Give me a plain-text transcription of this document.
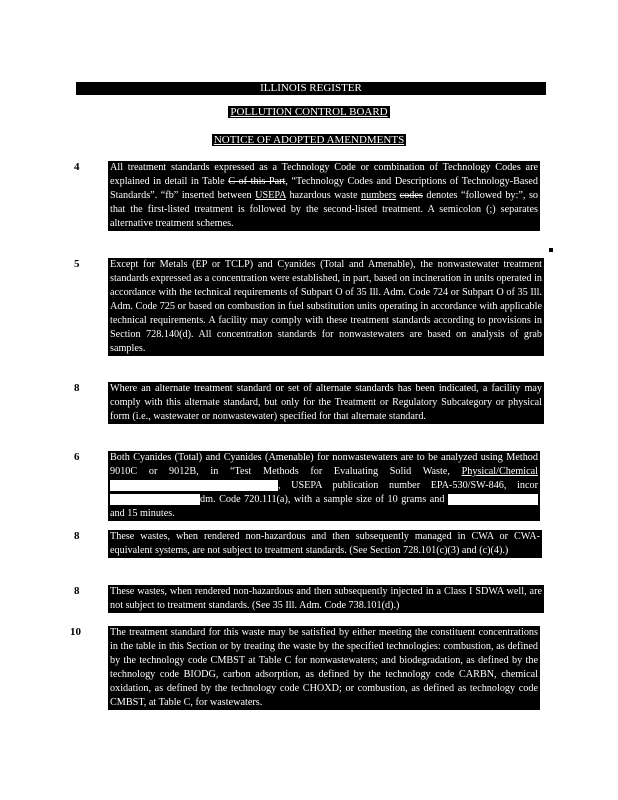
ILLINOIS REGISTER
POLLUTION CONTROL BOARD
NOTICE OF ADOPTED AMENDMENTS
4	All treatment standards expressed as a Technology Code or combination of Technology Codes are explained in detail in Table C of this Part, “Technology Codes and Descriptions of Technology-Based Standards”. “fb” inserted between USEPA hazardous waste numbers codes denotes “followed by:”, so that the first-listed treatment is followed by the second-listed treatment. A semicolon (;) separates alternative treatment schemes.
5	Except for Metals (EP or TCLP) and Cyanides (Total and Amenable), the nonwastewater treatment standards expressed as a concentration were established, in part, based on incineration in units operated in accordance with the technical requirements of Subpart O of 35 Ill. Adm. Code 724 or Subpart O of 35 Ill. Adm. Code 725 or based on combustion in fuel substitution units operating in accordance with applicable technical requirements. A facility may comply with these treatment standards according to provisions in Section 728.140(d). All concentration standards for nonwastewaters are based on analysis of grab samples.
8	Where an alternate treatment standard or set of alternate standards has been indicated, a facility may comply with this alternate standard, but only for the Treatment or Regulatory Subcategory or physical form (i.e., wastewater or nonwastewater) specified for that alternate standard.
6	Both Cyanides (Total) and Cyanides (Amenable) for nonwastewaters are to be analyzed using Method 9010C or 9012B, in “Test Methods for Evaluating Solid Waste, Physical/Chemical , USEPA publication number EPA-530/SW-846, incor dm. Code 720.111(a), with a sample size of 10 grams and  and 15 minutes.
8	These wastes, when rendered non-hazardous and then subsequently managed in CWA or CWA-equivalent systems, are not subject to treatment standards. (See Section 728.101(c)(3) and (c)(4).)
8	These wastes, when rendered non-hazardous and then subsequently injected in a Class I SDWA well, are not subject to treatment standards. (See 35 Ill. Adm. Code 738.101(d).)
10	The treatment standard for this waste may be satisfied by either meeting the constituent concentrations in the table in this Section or by treating the waste by the specified technologies: combustion, as defined by the technology code CMBST at Table C for nonwastewaters; and biodegradation, as defined by the technology code BIODG, carbon adsorption, as defined by the technology code CARBN, chemical oxidation, as defined by the technology code CHOXD; or combustion, as defined as technology code CMBST, at Table C, for wastewaters.
